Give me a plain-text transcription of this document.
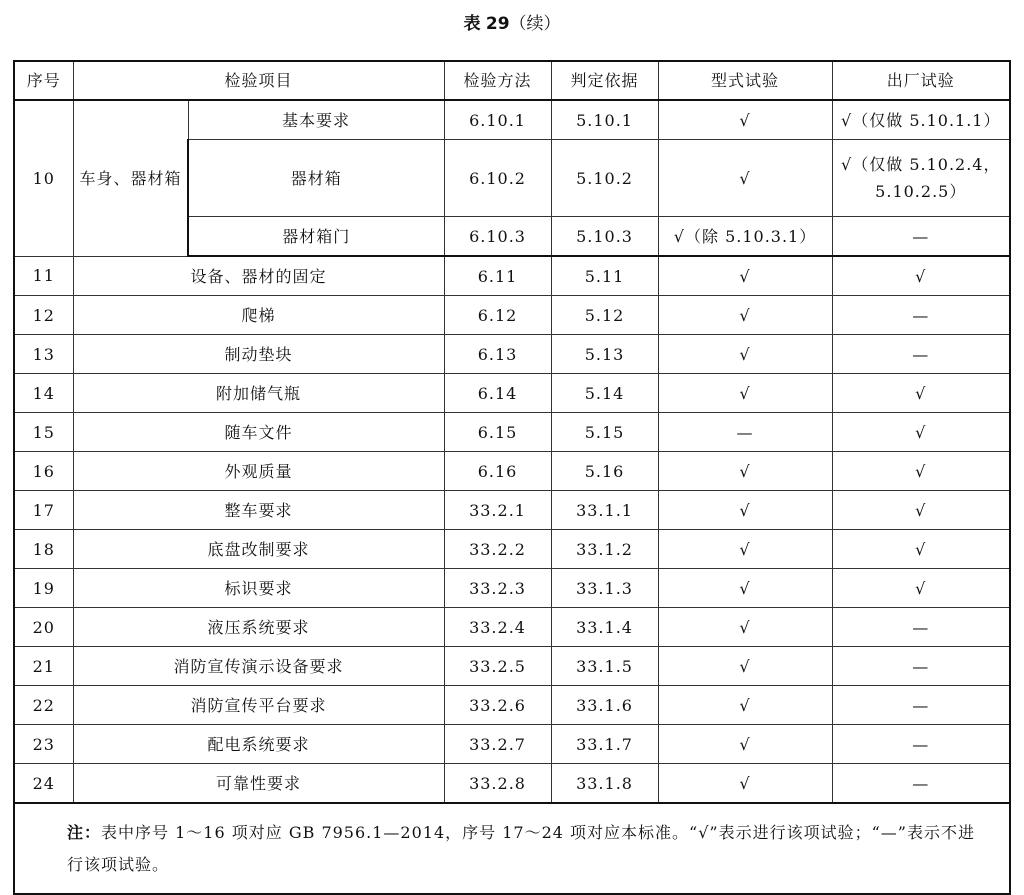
表 29（续）
序号	检验项目		检验方法	判定依据	型式试验	出厂试验
10	车身、器材箱	基本要求	6.10.1	5.10.1	√	√（仅做 5.10.1.1）
		器材箱	6.10.2	5.10.2	√	√（仅做 5.10.2.4，5.10.2.5）
		器材箱门	6.10.3	5.10.3	√（除 5.10.3.1）	—
11	设备、器材的固定		6.11	5.11	√	√
12	爬梯		6.12	5.12	√	—
13	制动垫块		6.13	5.13	√	—
14	附加储气瓶		6.14	5.14	√	√
15	随车文件		6.15	5.15	—	√
16	外观质量		6.16	5.16	√	√
17	整车要求		33.2.1	33.1.1	√	√
18	底盘改制要求		33.2.2	33.1.2	√	√
19	标识要求		33.2.3	33.1.3	√	√
20	液压系统要求		33.2.4	33.1.4	√	—
21	消防宣传演示设备要求		33.2.5	33.1.5	√	—
22	消防宣传平台要求		33.2.6	33.1.6	√	—
23	配电系统要求		33.2.7	33.1.7	√	—
24	可靠性要求		33.2.8	33.1.8	√	—
注：表中序号 1～16 项对应 GB 7956.1—2014，序号 17～24 项对应本标准。“√”表示进行该项试验；“—”表示不进行该项试验。						
